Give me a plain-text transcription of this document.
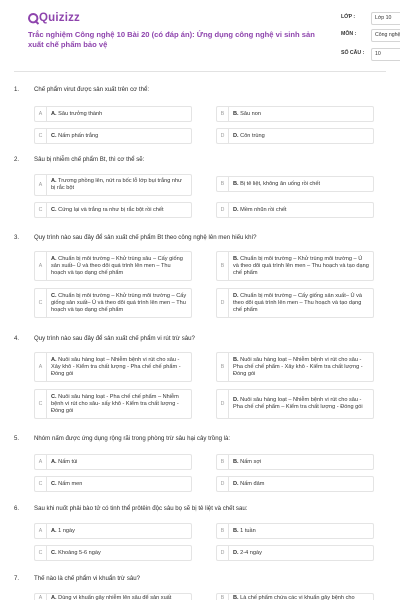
Quizizz
Trắc nghiệm Công nghệ 10 Bài 20 (có đáp án): Ứng dụng công nghệ vi sinh sản xuất chế phẩm bảo vệ
LỚP :	Lớp 10
MÔN :	Công nghệ
SỐ CÂU :	10
1.	Chế phẩm virut được sản xuất trên cơ thể:
A	A. Sâu trưởng thành	B	B. Sâu non
C	C. Nấm phấn trắng	D	D. Côn trùng
2.	Sâu bị nhiễm chế phẩm Bt, thì cơ thể sẽ:
A
A. Trương phồng lên, nứt ra bốc lỗ lớp bụi trắng như bị rắc bột
B	B. Bị tê liệt, không ăn uống rồi chết
C	C. Cứng lại và trắng ra như bị rắc bột rồi chết	D	D. Mềm nhũn rồi chết
3.	Quy trình nào sau đây để sản xuất chế phẩm Bt theo công nghệ lên men hiếu khí?
A
A. Chuẩn bị môi trường – Khử trùng sâu – Cấy giống sản xuất– Ủ và theo dõi quá trình lên men – Thu hoạch và tạo dạng chế phẩm
B
B. Chuẩn bị môi trường – Khử trùng môi trường – Ủ và theo dõi quá trình lên men – Thu hoạch và tạo dạng chế phẩm
C
C. Chuẩn bị môi trường – Khử trùng môi trường – Cấy giống sản xuất– Ủ và theo dõi quá trình lên men – Thu hoạch và tạo dạng chế phẩm
D
D. Chuẩn bị môi trường – Cấy giống sản xuất– Ủ và theo dõi quá trình lên men – Thu hoạch và tạo dạng chế phẩm
4.	Quy trình nào sau đây để sản xuất chế phẩm vi rút trừ sâu?
A
A. Nuôi sâu hàng loạt – Nhiễm bệnh vi rút cho sâu - Xảy khô - Kiểm tra chất lượng - Pha chế chế phẩm - Đóng gói
B
B. Nuôi sâu hàng loạt – Nhiễm bệnh vi rút cho sâu - Pha chế chế phẩm - Xảy khô - Kiểm tra chất lượng - Đóng gói
C
C. Nuôi sâu hàng loạt - Pha chế chế phẩm – Nhiễm bệnh vi rút cho sâu- sấy khô - Kiểm tra chất lượng - Đóng gói
D
D. Nuôi sâu hàng loạt – Nhiễm bệnh vi rút cho sâu - Pha chế chế phẩm – Kiểm tra chất lượng - Đóng gói
5.	Nhóm nấm được ứng dụng rộng rãi trong phòng trừ sâu hại cây trồng là:
A	A. Nấm túi	B	B. Nấm sợi
C	C. Nấm men	D	D. Nấm đảm
6.	Sau khi nuốt phải bào tử có tinh thể prôtêin độc sâu bọ sẽ bị tê liệt và chết sau:
A	A. 1 ngày	B	B. 1 tuần
C	C. Khoảng 5-6 ngày	D	D. 2-4 ngày
7.	Thế nào là chế phẩm vi khuẩn trừ sâu?
A	A. Dùng vi khuẩn gây nhiễm lên sâu để sản xuất	B	B. Là chế phẩm chứa các vi khuẩn gây bệnh cho
